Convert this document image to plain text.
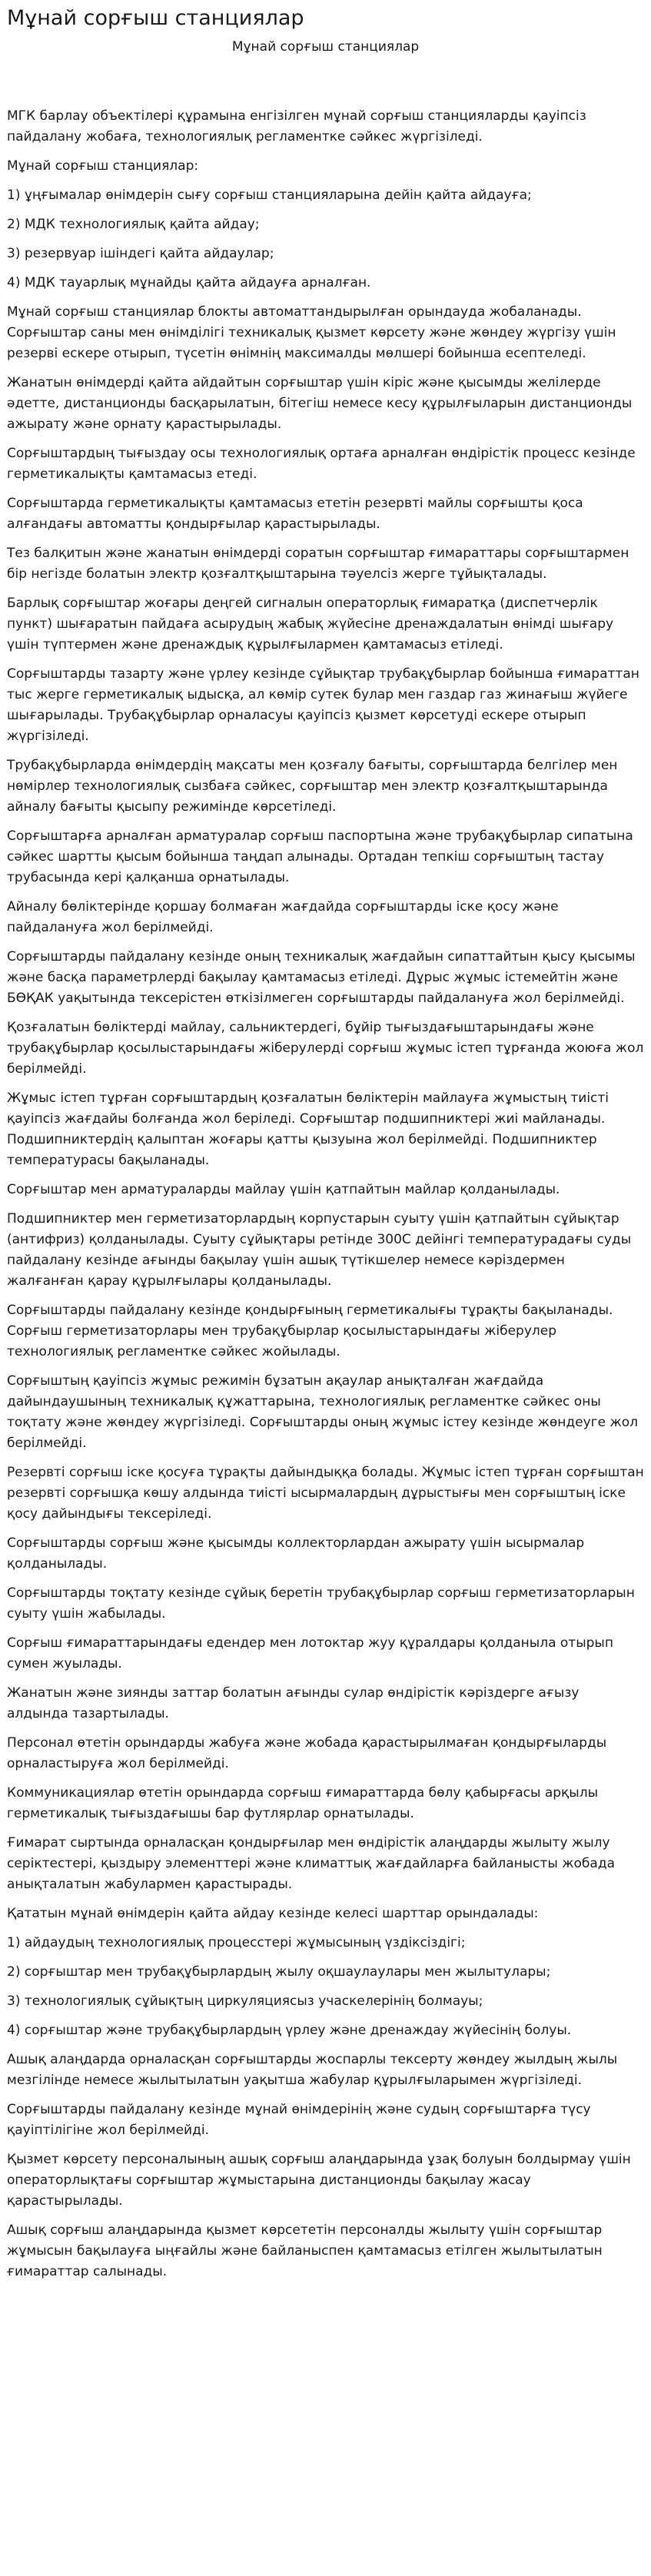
Мұнай сорғыш станциялар
Мұнай сорғыш станциялар

МГК барлау объектілері құрамына енгізілген мұнай сорғыш станцияларды қауіпсіз пайдалану жобаға, технологиялық регламентке сәйкес жүргізіледі.

Мұнай сорғыш станциялар:

1) ұңғымалар өнімдерін сығу сорғыш станцияларына дейін қайта айдауға;

2) МДК технологиялық қайта айдау;

3) резервуар ішіндегі қайта айдаулар;

4) МДК тауарлық мұнайды қайта айдауға арналған.

Мұнай сорғыш станциялар блокты автоматтандырылған орындауда жобаланады. Сорғыштар саны мен өнімділігі техникалық қызмет көрсету және жөндеу жүргізу үшін резерві ескере отырып, түсетін өнімнің максималды мөлшері бойынша есептеледі.

Жанатын өнімдерді қайта айдайтын сорғыштар үшін кіріс және қысымды желілерде әдетте, дистанционды басқарылатын, бітегіш немесе кесу құрылғыларын дистанционды ажырату және орнату қарастырылады.

Сорғыштардың тығыздау осы технологиялық ортаға арналған өндірістік процесс кезінде герметикалықты қамтамасыз етеді.

Сорғыштарда герметикалықты қамтамасыз ететін резервті майлы сорғышты қоса алғандағы автоматты қондырғылар қарастырылады.

Тез балқитын және жанатын өнімдерді соратын сорғыштар ғимараттары сорғыштармен бір негізде болатын электр қозғалтқыштарына тәуелсіз жерге тұйықталады.

Барлық сорғыштар жоғары деңгей сигналын операторлық ғимаратқа (диспетчерлік пункт) шығаратын пайдаға асырудың жабық жүйесіне дренаждалатын өнімді шығару үшін түптермен және дренаждық құрылғылармен қамтамасыз етіледі.

Сорғыштарды тазарту және үрлеу кезінде сұйықтар трубақұбырлар бойынша ғимараттан тыс жерге герметикалық ыдысқа, ал көмір сутек булар мен газдар газ жинағыш жүйеге шығарылады. Трубақұбырлар орналасуы қауіпсіз қызмет көрсетуді ескере отырып жүргізіледі.

Трубақұбырларда өнімдердің мақсаты мен қозғалу бағыты, сорғыштарда белгілер мен нөмірлер технологиялық сызбаға сәйкес, сорғыштар мен электр қозғалтқыштарында айналу бағыты қысыпу режимінде көрсетіледі.

Сорғыштарға арналған арматуралар сорғыш паспортына және трубақұбырлар сипатына сәйкес шартты қысым бойынша таңдап алынады. Ортадан тепкіш сорғыштың тастау трубасында кері қалқанша орнатылады.

Айналу бөліктерінде қоршау болмаған жағдайда сорғыштарды іске қосу және пайдалануға жол берілмейді.

Сорғыштарды пайдалану кезінде оның техникалық жағдайын сипаттайтын қысу қысымы және басқа параметрлерді бақылау қамтамасыз етіледі. Дұрыс жұмыс істемейтін және БӨҚАК уақытында тексерістен өткізілмеген сорғыштарды пайдалануға жол берілмейді.

Қозғалатын бөліктерді майлау, сальниктердегі, бұйір тығыздағыштарындағы және трубақұбырлар қосылыстарындағы жіберулерді сорғыш жұмыс істеп тұрғанда жоюға жол берілмейді.

Жұмыс істеп тұрған сорғыштардың қозғалатын бөліктерін майлауға жұмыстың тиісті қауіпсіз жағдайы болғанда жол беріледі. Сорғыштар подшипниктері жиі майланады. Подшипниктердің қалыптан жоғары қатты қызуына жол берілмейді. Подшипниктер температурасы бақыланады.

Сорғыштар мен арматураларды майлау үшін қатпайтын майлар қолданылады.

Подшипниктер мен герметизаторлардың корпустарын суыту үшін қатпайтын сұйықтар (антифриз) қолданылады. Суыту сұйықтары ретінде 300С дейінгі температурадағы суды пайдалану кезінде ағынды бақылау үшін ашық түтікшелер немесе кәріздермен жалғанған қарау құрылғылары қолданылады.

Сорғыштарды пайдалану кезінде қондырғының герметикалығы тұрақты бақыланады. Сорғыш герметизаторлары мен трубақұбырлар қосылыстарындағы жіберулер технологиялық регламентке сәйкес жойылады.

Сорғыштың қауіпсіз жұмыс режимін бұзатын ақаулар анықталған жағдайда дайындаушының техникалық құжаттарына, технологиялық регламентке сәйкес оны тоқтату және жөндеу жүргізіледі. Сорғыштарды оның жұмыс істеу кезінде жөндеуге жол берілмейді.

Резервті сорғыш іске қосуға тұрақты дайындыққа болады. Жұмыс істеп тұрған сорғыштан резервті сорғышқа көшу алдында тиісті ысырмалардың дұрыстығы мен сорғыштың іске қосу дайындығы тексеріледі.

Сорғыштарды сорғыш және қысымды коллекторлардан ажырату үшін ысырмалар қолданылады.

Сорғыштарды тоқтату кезінде сұйық беретін трубақұбырлар сорғыш герметизаторларын суыту үшін жабылады.

Сорғыш ғимараттарындағы едендер мен лотоктар жуу құралдары қолданыла отырып сумен жуылады.

Жанатын және зиянды заттар болатын ағынды сулар өндірістік кәріздерге ағызу алдында тазартылады.

Персонал өтетін орындарды жабуға және жобада қарастырылмаған қондырғыларды орналастыруға жол берілмейді.

Коммуникациялар өтетін орындарда сорғыш ғимараттарда бөлу қабырғасы арқылы герметикалық тығыздағышы бар футлярлар орнатылады.

Ғимарат сыртында орналасқан қондырғылар мен өндірістік алаңдарды жылыту жылу серіктестері, қыздыру элементтері және климаттық жағдайларға байланысты жобада анықталатын жабулармен қарастырады.

Қататын мұнай өнімдерін қайта айдау кезінде келесі шарттар орындалады:

1) айдаудың технологиялық процесстері жұмысының үздіксіздігі;

2) сорғыштар мен трубақұбырлардың жылу оқшаулаулары мен жылытулары;

3) технологиялық сұйықтың циркуляциясыз учаскелерінің болмауы;

4) сорғыштар және трубақұбырлардың үрлеу және дренаждау жүйесінің болуы.

Ашық алаңдарда орналасқан сорғыштарды жоспарлы тексерту жөндеу жылдың жылы мезгілінде немесе жылытылатын уақытша жабулар құрылғыларымен жүргізіледі.

Сорғыштарды пайдалану кезінде мұнай өнімдерінің және судың сорғыштарға түсу қауіптілігіне жол берілмейді.

Қызмет көрсету персоналының ашық сорғыш алаңдарында ұзақ болуын болдырмау үшін операторлықтағы сорғыштар жұмыстарына дистанционды бақылау жасау қарастырылады.

Ашық сорғыш алаңдарында қызмет көрсететін персоналды жылыту үшін сорғыштар жұмысын бақылауға ыңғайлы және байланыспен қамтамасыз етілген жылытылатын ғимараттар салынады.
